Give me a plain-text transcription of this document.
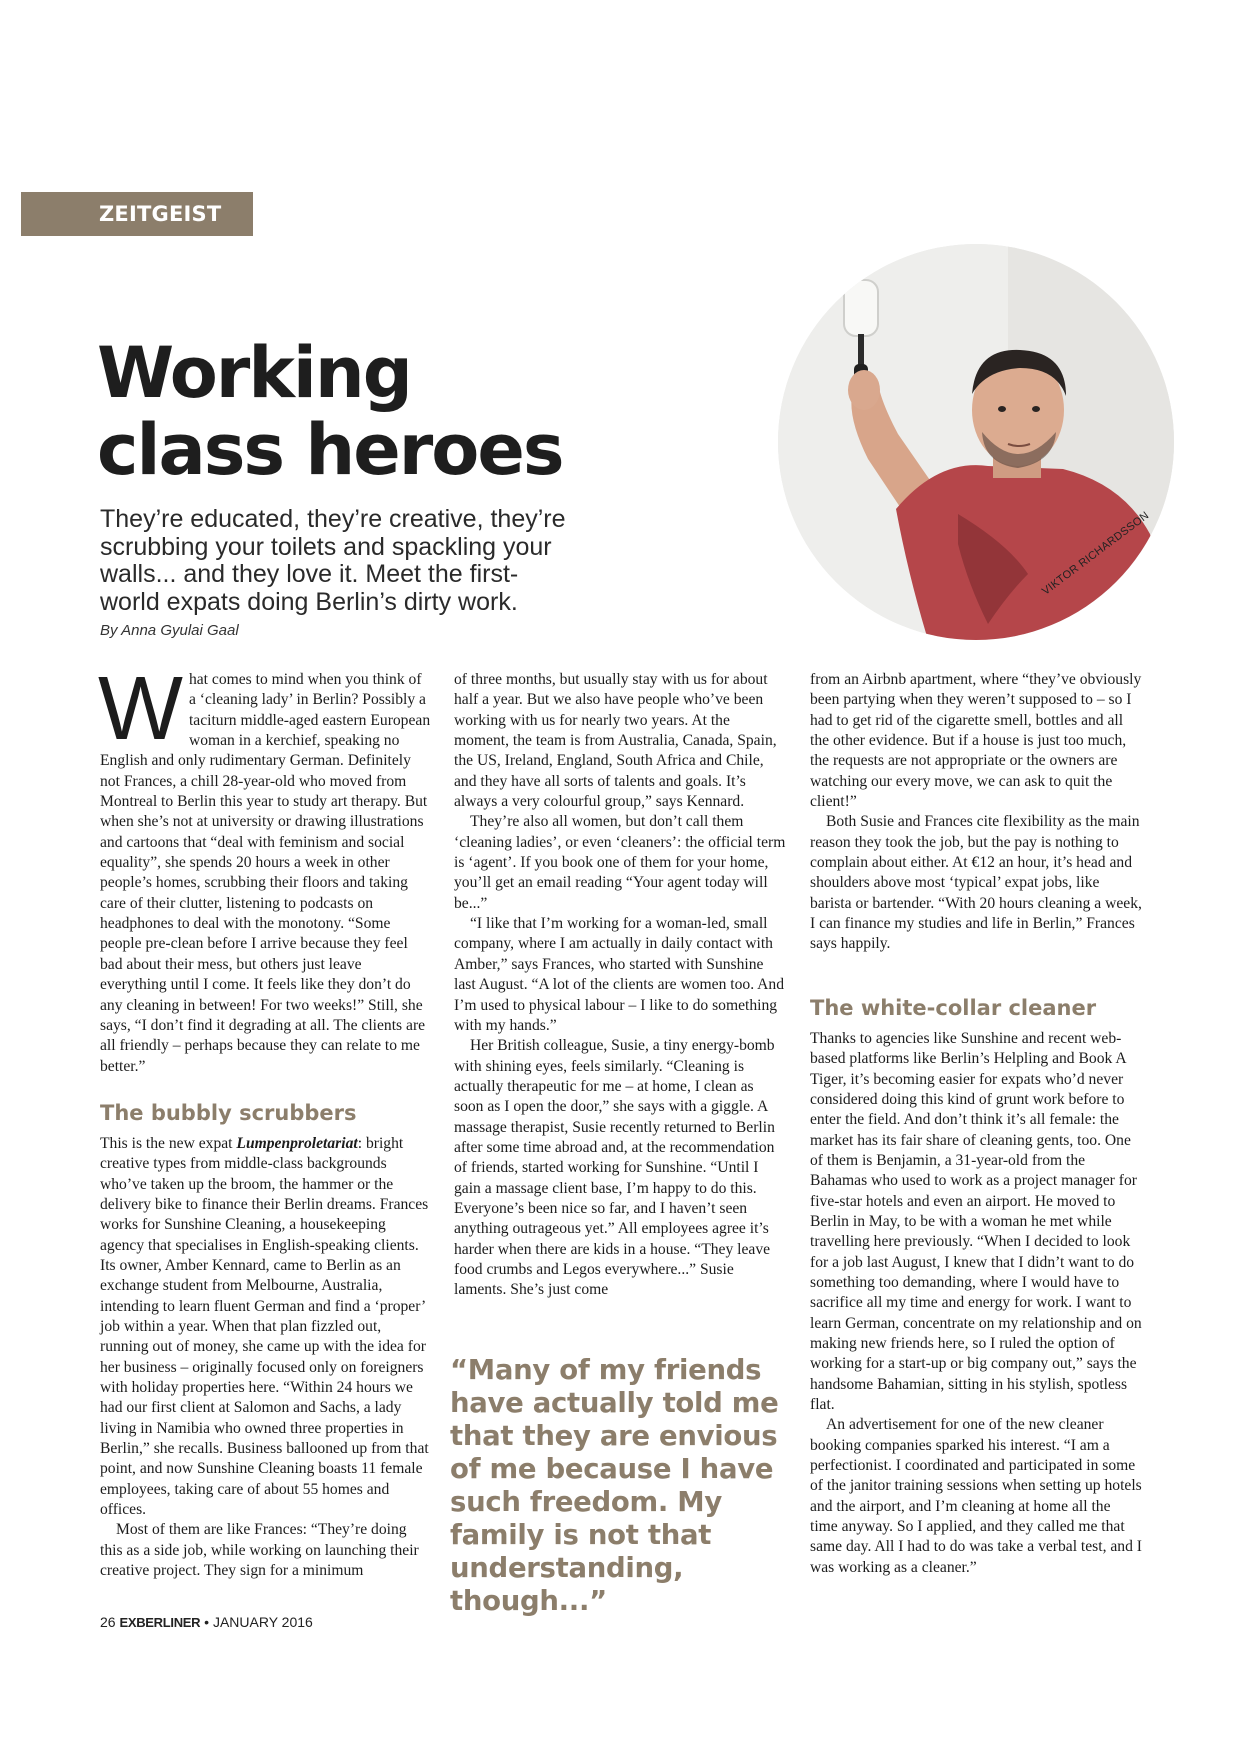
ZEITGEIST
Working
class heroes

They’re educated, they’re creative, they’re scrubbing your toilets and spackling your walls... and they love it. Meet the first-world expats doing Berlin’s dirty work.

By Anna Gyulai Gaal

VIKTOR RICHARDSSON

What comes to mind when you think of a ‘cleaning lady’ in Berlin? Possibly a taciturn middle-aged eastern European woman in a kerchief, speaking no English and only rudimentary German. Definitely not Frances, a chill 28-year-old who moved from Montreal to Berlin this year to study art therapy. But when she’s not at university or drawing illustrations and cartoons that “deal with feminism and social equality”, she spends 20 hours a week in other people’s homes, scrubbing their floors and taking care of their clutter, listening to podcasts on headphones to deal with the monotony. “Some people pre-clean before I arrive because they feel bad about their mess, but others just leave everything until I come. It feels like they don’t do any cleaning in between! For two weeks!” Still, she says, “I don’t find it degrading at all. The clients are all friendly – perhaps because they can relate to me better.”

The bubbly scrubbers

This is the new expat Lumpenproletariat: bright creative types from middle-class backgrounds who’ve taken up the broom, the hammer or the delivery bike to finance their Berlin dreams. Frances works for Sunshine Cleaning, a housekeeping agency that specialises in English-speaking clients. Its owner, Amber Kennard, came to Berlin as an exchange student from Melbourne, Australia, intending to learn fluent German and find a ‘proper’ job within a year. When that plan fizzled out, running out of money, she came up with the idea for her business – originally focused only on foreigners with holiday properties here. “Within 24 hours we had our first client at Salomon and Sachs, a lady living in Namibia who owned three properties in Berlin,” she recalls. Business ballooned up from that point, and now Sunshine Cleaning boasts 11 female employees, taking care of about 55 homes and offices.

Most of them are like Frances: “They’re doing this as a side job, while working on launching their creative project. They sign for a minimum

of three months, but usually stay with us for about half a year. But we also have people who’ve been working with us for nearly two years. At the moment, the team is from Australia, Canada, Spain, the US, Ireland, England, South Africa and Chile, and they have all sorts of talents and goals. It’s always a very colourful group,” says Kennard.

They’re also all women, but don’t call them ‘cleaning ladies’, or even ‘cleaners’: the official term is ‘agent’. If you book one of them for your home, you’ll get an email reading “Your agent today will be...”

“I like that I’m working for a woman-led, small company, where I am actually in daily contact with Amber,” says Frances, who started with Sunshine last August. “A lot of the clients are women too. And I’m used to physical labour – I like to do something with my hands.”

Her British colleague, Susie, a tiny energy-bomb with shining eyes, feels similarly. “Cleaning is actually therapeutic for me – at home, I clean as soon as I open the door,” she says with a giggle. A massage therapist, Susie recently returned to Berlin after some time abroad and, at the recommendation of friends, started working for Sunshine. “Until I gain a massage client base, I’m happy to do this. Everyone’s been nice so far, and I haven’t seen anything outrageous yet.” All employees agree it’s harder when there are kids in a house. “They leave food crumbs and Legos everywhere...” Susie laments. She’s just come

“Many of my friends have actually told me that they are envious of me because I have such freedom. My family is not that understanding, though...”

from an Airbnb apartment, where “they’ve obviously been partying when they weren’t supposed to – so I had to get rid of the cigarette smell, bottles and all the other evidence. But if a house is just too much, the requests are not appropriate or the owners are watching our every move, we can ask to quit the client!”

Both Susie and Frances cite flexibility as the main reason they took the job, but the pay is nothing to complain about either. At €12 an hour, it’s head and shoulders above most ‘typical’ expat jobs, like barista or bartender. “With 20 hours cleaning a week, I can finance my studies and life in Berlin,” Frances says happily.

The white-collar cleaner

Thanks to agencies like Sunshine and recent web-based platforms like Berlin’s Helpling and Book A Tiger, it’s becoming easier for expats who’d never considered doing this kind of grunt work before to enter the field. And don’t think it’s all female: the market has its fair share of cleaning gents, too. One of them is Benjamin, a 31-year-old from the Bahamas who used to work as a project manager for five-star hotels and even an airport. He moved to Berlin in May, to be with a woman he met while travelling here previously. “When I decided to look for a job last August, I knew that I didn’t want to do something too demanding, where I would have to sacrifice all my time and energy for work. I want to learn German, concentrate on my relationship and on making new friends here, so I ruled the option of working for a start-up or big company out,” says the handsome Bahamian, sitting in his stylish, spotless flat.

An advertisement for one of the new cleaner booking companies sparked his interest. “I am a perfectionist. I coordinated and participated in some of the janitor training sessions when setting up hotels and the airport, and I’m cleaning at home all the time anyway. So I applied, and they called me that same day. All I had to do was take a verbal test, and I was working as a cleaner.”

26 EXBERLINER • JANUARY 2016
